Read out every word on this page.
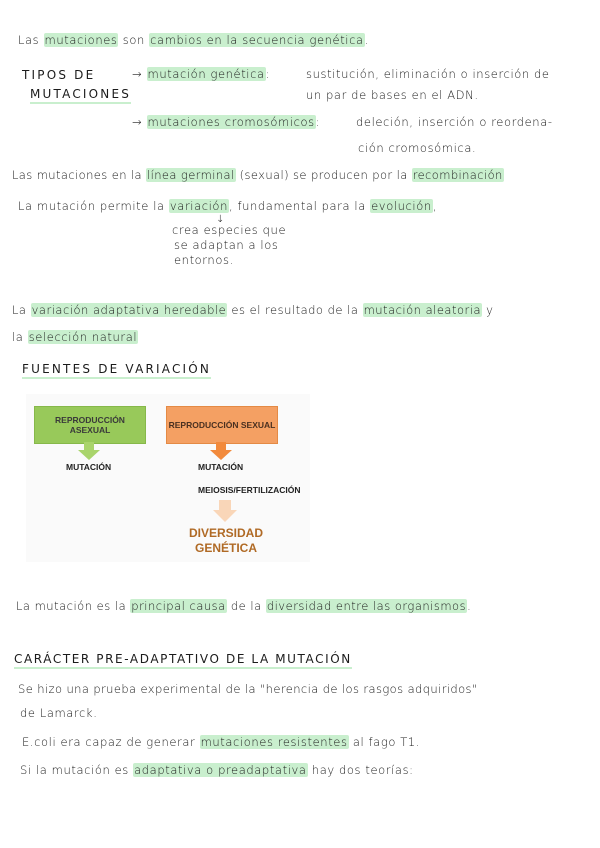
Las mutaciones son cambios en la secuencia genética.
TIPOS DE
MUTACIONES
→ mutación genética:	sustitución, eliminación o inserción de
un par de bases en el ADN.
→ mutaciones cromosómicos:	deleción, inserción o reordena-
ción cromosómica.
Las mutaciones en la línea germinal (sexual) se producen por la recombinación
La mutación permite la variación, fundamental para la evolución,
↓
crea especies que
se adaptan a los
entornos.
La variación adaptativa heredable es el resultado de la mutación aleatoria y
la selección natural
FUENTES DE VARIACIÓN
REPRODUCCIÓN ASEXUAL	REPRODUCCIÓN SEXUAL
MUTACIÓN	MUTACIÓN
MEIOSIS/FERTILIZACIÓN
DIVERSIDAD
GENÉTICA
La mutación es la principal causa de la diversidad entre las organismos.
CARÁCTER PRE-ADAPTATIVO DE LA MUTACIÓN
Se hizo una prueba experimental de la "herencia de los rasgos adquiridos"
de Lamarck.
E.coli era capaz de generar mutaciones resistentes al fago T1.
Si la mutación es adaptativa o preadaptativa hay dos teorías:
